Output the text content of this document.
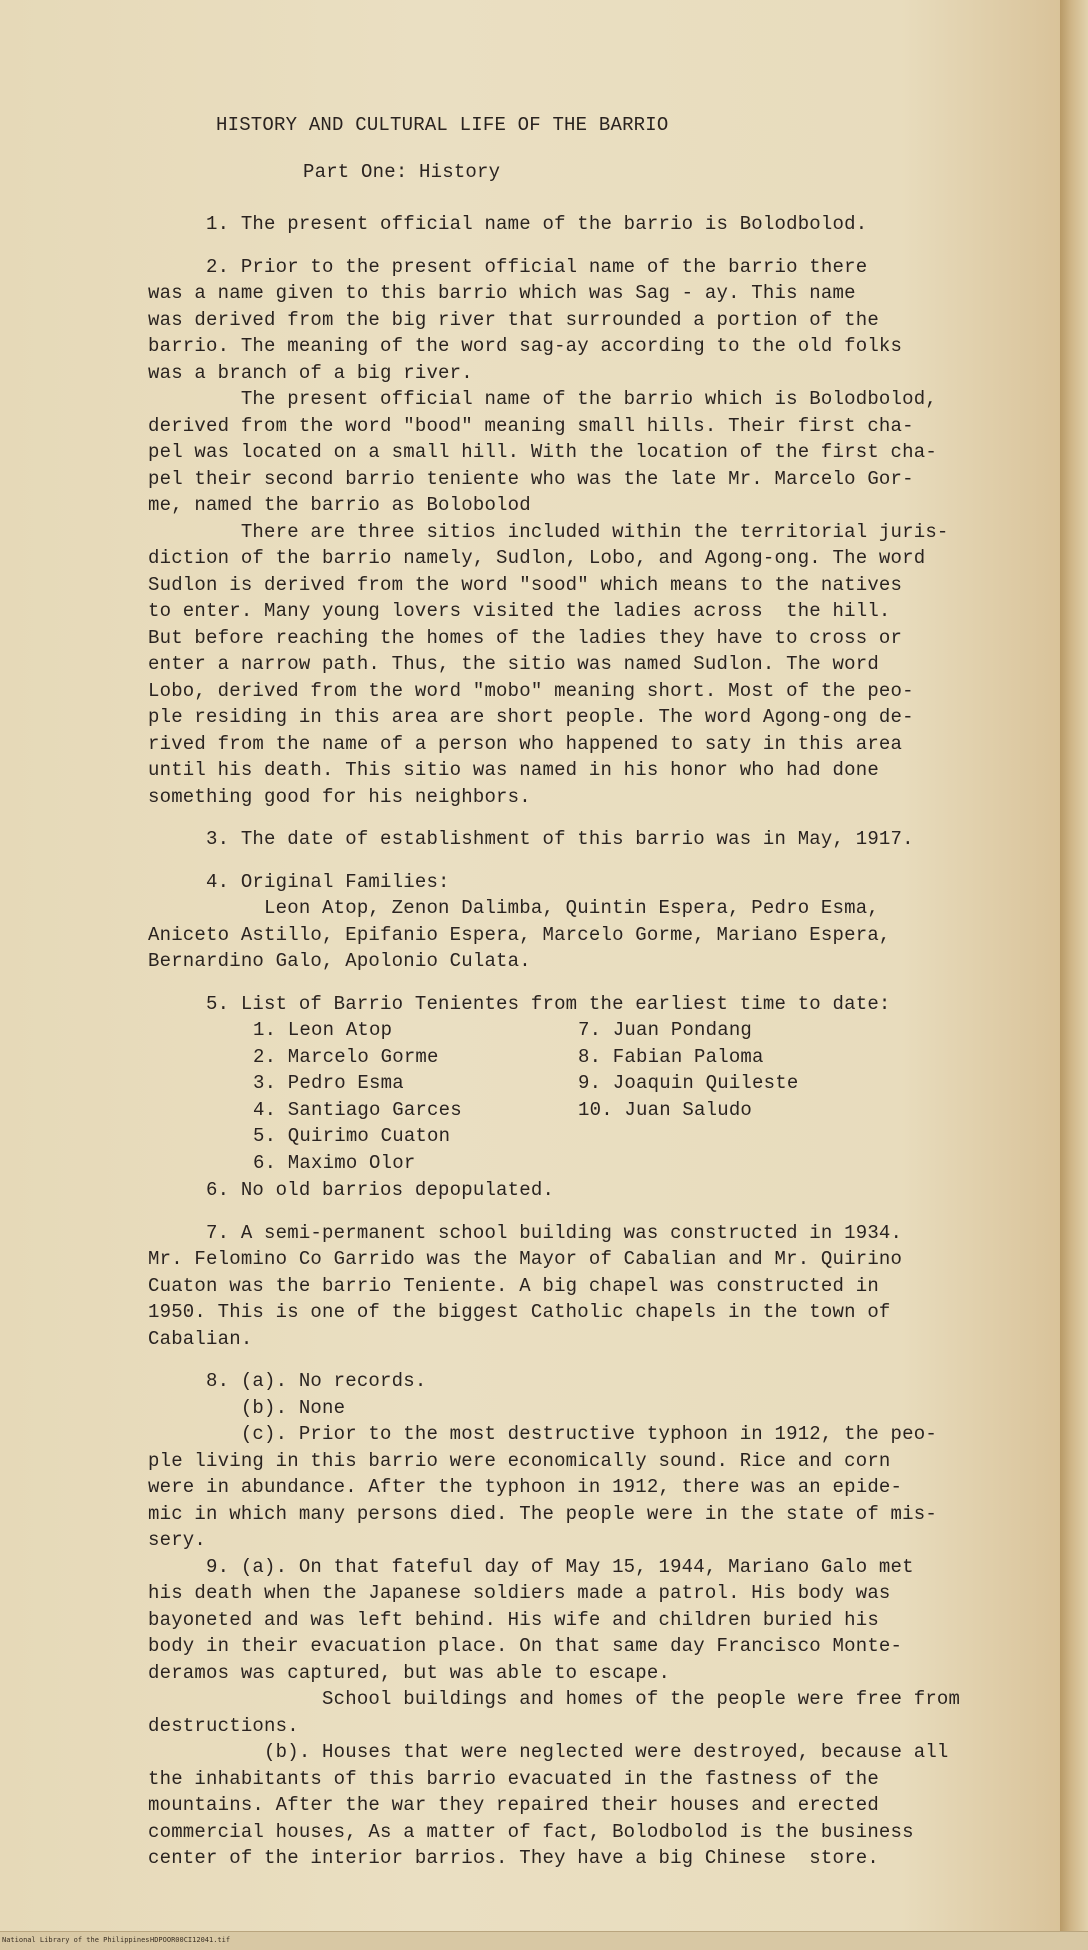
HISTORY AND CULTURAL LIFE OF THE BARRIO
Part One: History
1. The present official name of the barrio is Bolodbolod.
2. Prior to the present official name of the barrio there
was a name given to this barrio which was Sag - ay. This name
was derived from the big river that surrounded a portion of the
barrio. The meaning of the word sag-ay according to the old folks
was a branch of a big river.
The present official name of the barrio which is Bolodbolod,
derived from the word "bood" meaning small hills. Their first cha-
pel was located on a small hill. With the location of the first cha-
pel their second barrio teniente who was the late Mr. Marcelo Gor-
me, named the barrio as Bolobolod
There are three sitios included within the territorial juris-
diction of the barrio namely, Sudlon, Lobo, and Agong-ong. The word
Sudlon is derived from the word "sood" which means to the natives
to enter. Many young lovers visited the ladies across  the hill.
But before reaching the homes of the ladies they have to cross or
enter a narrow path. Thus, the sitio was named Sudlon. The word
Lobo, derived from the word "mobo" meaning short. Most of the peo-
ple residing in this area are short people. The word Agong-ong de-
rived from the name of a person who happened to saty in this area
until his death. This sitio was named in his honor who had done
something good for his neighbors.
3. The date of establishment of this barrio was in May, 1917.
4. Original Families:
Leon Atop, Zenon Dalimba, Quintin Espera, Pedro Esma,
Aniceto Astillo, Epifanio Espera, Marcelo Gorme, Mariano Espera,
Bernardino Galo, Apolonio Culata.
5. List of Barrio Tenientes from the earliest time to date:
1. Leon Atop
2. Marcelo Gorme
3. Pedro Esma
4. Santiago Garces
5. Quirimo Cuaton
6. Maximo Olor
7. Juan Pondang
8. Fabian Paloma
9. Joaquin Quileste
10. Juan Saludo
6. No old barrios depopulated.
7. A semi-permanent school building was constructed in 1934.
Mr. Felomino Co Garrido was the Mayor of Cabalian and Mr. Quirino
Cuaton was the barrio Teniente. A big chapel was constructed in
1950. This is one of the biggest Catholic chapels in the town of
Cabalian.
8. (a). No records.
(b). None
(c). Prior to the most destructive typhoon in 1912, the peo-
ple living in this barrio were economically sound. Rice and corn
were in abundance. After the typhoon in 1912, there was an epide-
mic in which many persons died. The people were in the state of mis-
sery.
9. (a). On that fateful day of May 15, 1944, Mariano Galo met
his death when the Japanese soldiers made a patrol. His body was
bayoneted and was left behind. His wife and children buried his
body in their evacuation place. On that same day Francisco Monte-
deramos was captured, but was able to escape.
School buildings and homes of the people were free from
destructions.
(b). Houses that were neglected were destroyed, because all
the inhabitants of this barrio evacuated in the fastness of the
mountains. After the war they repaired their houses and erected
commercial houses, As a matter of fact, Bolodbolod is the business
center of the interior barrios. They have a big Chinese  store.
National Library of the Philippines HDPOOR00CI12041.tif
